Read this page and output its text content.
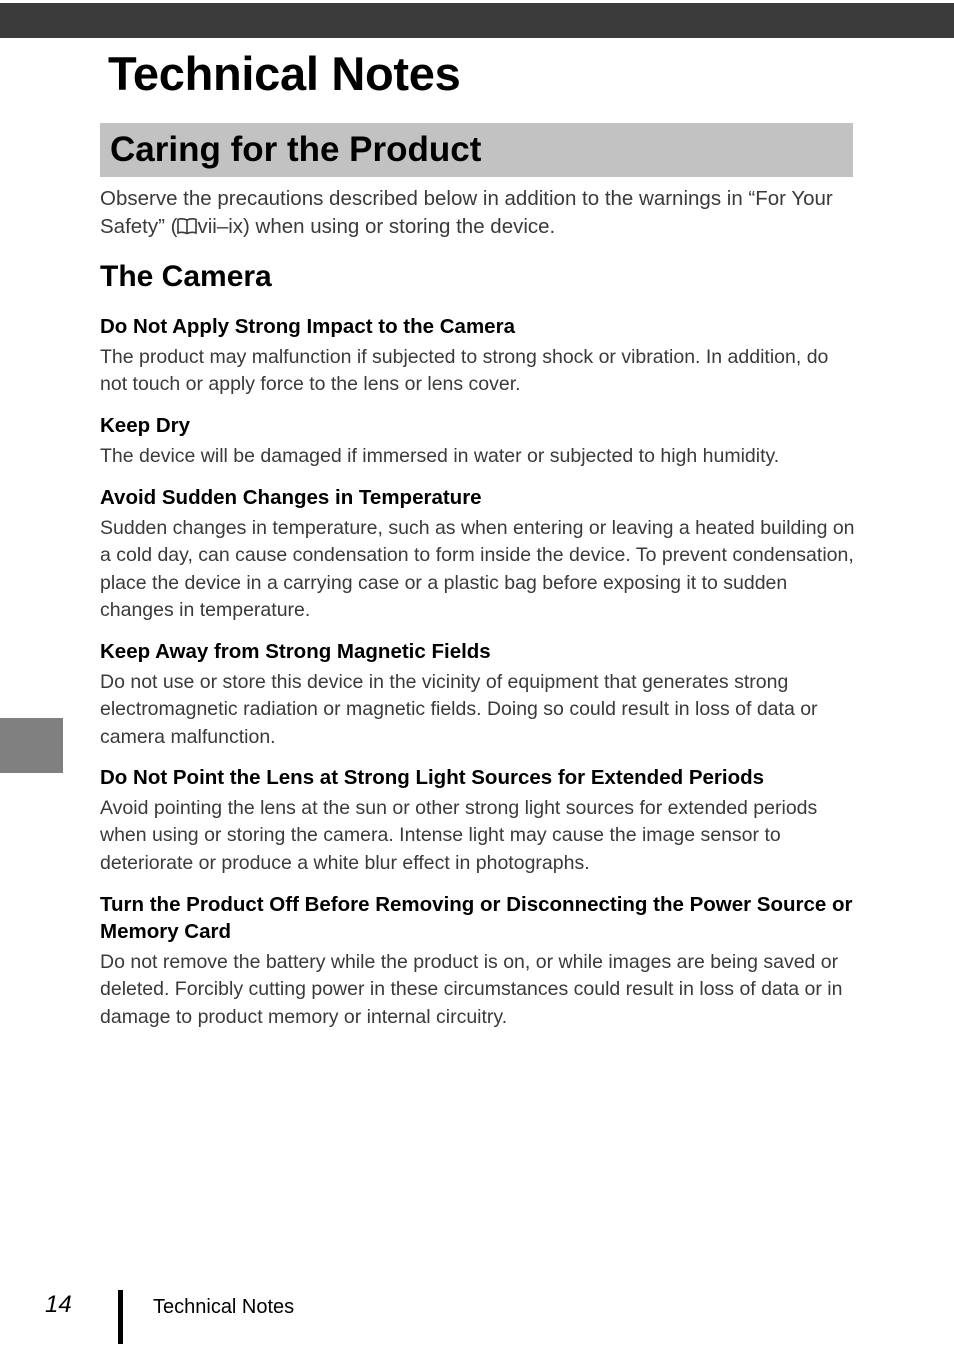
Technical Notes
Caring for the Product

Observe the precautions described below in addition to the warnings in “For Your Safety” ( vii–ix) when using or storing the device.

The Camera
Do Not Apply Strong Impact to the Camera

The product may malfunction if subjected to strong shock or vibration. In addition, do not touch or apply force to the lens or lens cover.

Keep Dry

The device will be damaged if immersed in water or subjected to high humidity.

Avoid Sudden Changes in Temperature

Sudden changes in temperature, such as when entering or leaving a heated building on a cold day, can cause condensation to form inside the device. To prevent condensation, place the device in a carrying case or a plastic bag before exposing it to sudden changes in temperature.

Keep Away from Strong Magnetic Fields

Do not use or store this device in the vicinity of equipment that generates strong electromagnetic radiation or magnetic fields. Doing so could result in loss of data or camera malfunction.

Do Not Point the Lens at Strong Light Sources for Extended Periods

Avoid pointing the lens at the sun or other strong light sources for extended periods when using or storing the camera. Intense light may cause the image sensor to deteriorate or produce a white blur effect in photographs.

Turn the Product Off Before Removing or Disconnecting the Power Source or Memory Card

Do not remove the battery while the product is on, or while images are being saved or deleted. Forcibly cutting power in these circumstances could result in loss of data or in damage to product memory or internal circuitry.

14	Technical Notes
